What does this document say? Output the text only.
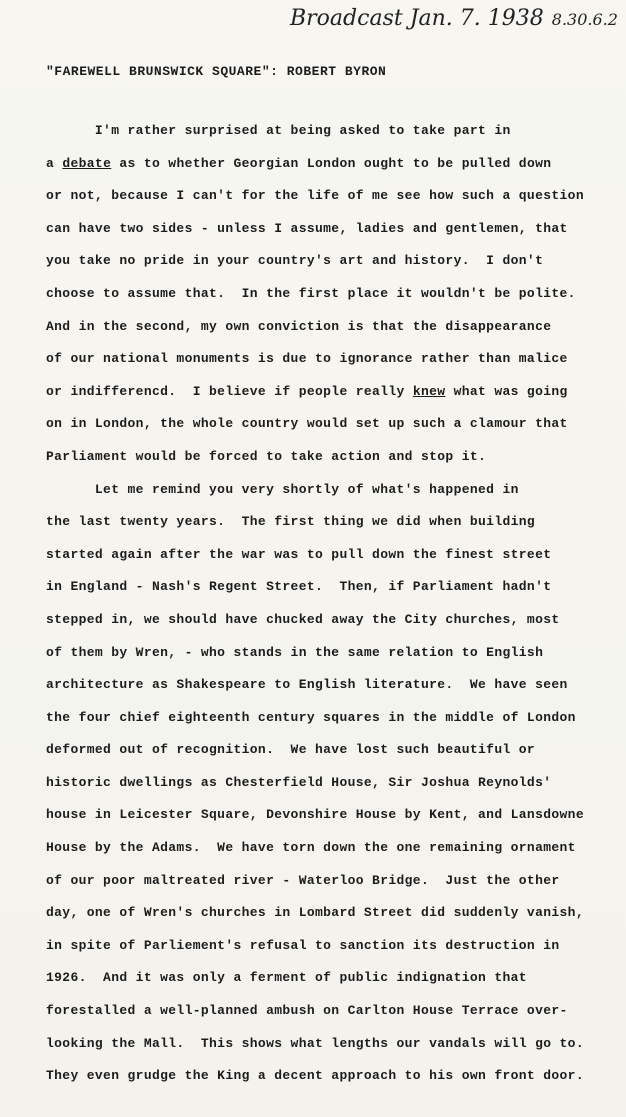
Broadcast Jan. 7. 1938 8.30.6.2
"FAREWELL BRUNSWICK SQUARE": ROBERT BYRON
I'm rather surprised at being asked to take part in
a debate as to whether Georgian London ought to be pulled down
or not, because I can't for the life of me see how such a question
can have two sides - unless I assume, ladies and gentlemen, that
you take no pride in your country's art and history.  I don't
choose to assume that.  In the first place it wouldn't be polite.
And in the second, my own conviction is that the disappearance
of our national monuments is due to ignorance rather than malice
or indifferencd.  I believe if people really knew what was going
on in London, the whole country would set up such a clamour that
Parliament would be forced to take action and stop it.
Let me remind you very shortly of what's happened in
the last twenty years.  The first thing we did when building
started again after the war was to pull down the finest street
in England - Nash's Regent Street.  Then, if Parliament hadn't
stepped in, we should have chucked away the City churches, most
of them by Wren, - who stands in the same relation to English
architecture as Shakespeare to English literature.  We have seen
the four chief eighteenth century squares in the middle of London
deformed out of recognition.  We have lost such beautiful or
historic dwellings as Chesterfield House, Sir Joshua Reynolds'
house in Leicester Square, Devonshire House by Kent, and Lansdowne
House by the Adams.  We have torn down the one remaining ornament
of our poor maltreated river - Waterloo Bridge.  Just the other
day, one of Wren's churches in Lombard Street did suddenly vanish,
in spite of Parliement's refusal to sanction its destruction in
1926.  And it was only a ferment of public indignation that
forestalled a well-planned ambush on Carlton House Terrace over-
looking the Mall.  This shows what lengths our vandals will go to.
They even grudge the King a decent approach to his own front door.
